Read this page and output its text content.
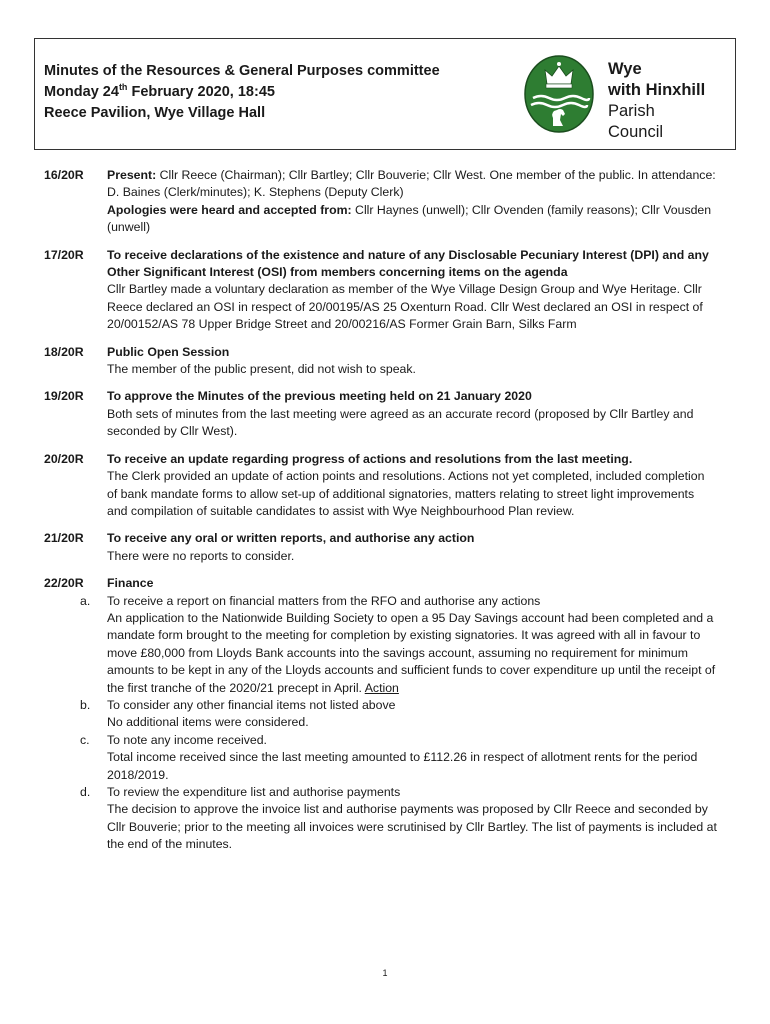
Minutes of the Resources & General Purposes committee
Monday 24th February 2020, 18:45
Reece Pavilion, Wye Village Hall
Wye
with Hinxhill
Parish
Council
16/20R Present: Cllr Reece (Chairman); Cllr Bartley; Cllr Bouverie; Cllr West. One member of the public. In attendance: D. Baines (Clerk/minutes); K. Stephens (Deputy Clerk)
Apologies were heard and accepted from: Cllr Haynes (unwell); Cllr Ovenden (family reasons); Cllr Vousden (unwell)
17/20R To receive declarations of the existence and nature of any Disclosable Pecuniary Interest (DPI) and any Other Significant Interest (OSI) from members concerning items on the agenda
Cllr Bartley made a voluntary declaration as member of the Wye Village Design Group and Wye Heritage. Cllr Reece declared an OSI in respect of 20/00195/AS 25 Oxenturn Road. Cllr West declared an OSI in respect of 20/00152/AS 78 Upper Bridge Street and 20/00216/AS Former Grain Barn, Silks Farm
18/20R Public Open Session
The member of the public present, did not wish to speak.
19/20R To approve the Minutes of the previous meeting held on 21 January 2020
Both sets of minutes from the last meeting were agreed as an accurate record (proposed by Cllr Bartley and seconded by Cllr West).
20/20R To receive an update regarding progress of actions and resolutions from the last meeting.
The Clerk provided an update of action points and resolutions. Actions not yet completed, included completion of bank mandate forms to allow set-up of additional signatories, matters relating to street light improvements and compilation of suitable candidates to assist with Wye Neighbourhood Plan review.
21/20R To receive any oral or written reports, and authorise any action
There were no reports to consider.
22/20R Finance
a. To receive a report on financial matters from the RFO and authorise any actions
An application to the Nationwide Building Society to open a 95 Day Savings account had been completed and a mandate form brought to the meeting for completion by existing signatories. It was agreed with all in favour to move £80,000 from Lloyds Bank accounts into the savings account, assuming no requirement for minimum amounts to be kept in any of the Lloyds accounts and sufficient funds to cover expenditure up until the receipt of the first tranche of the 2020/21 precept in April. Action
b. To consider any other financial items not listed above
No additional items were considered.
c. To note any income received.
Total income received since the last meeting amounted to £112.26 in respect of allotment rents for the period 2018/2019.
d. To review the expenditure list and authorise payments
The decision to approve the invoice list and authorise payments was proposed by Cllr Reece and seconded by Cllr Bouverie; prior to the meeting all invoices were scrutinised by Cllr Bartley. The list of payments is included at the end of the minutes.
1
